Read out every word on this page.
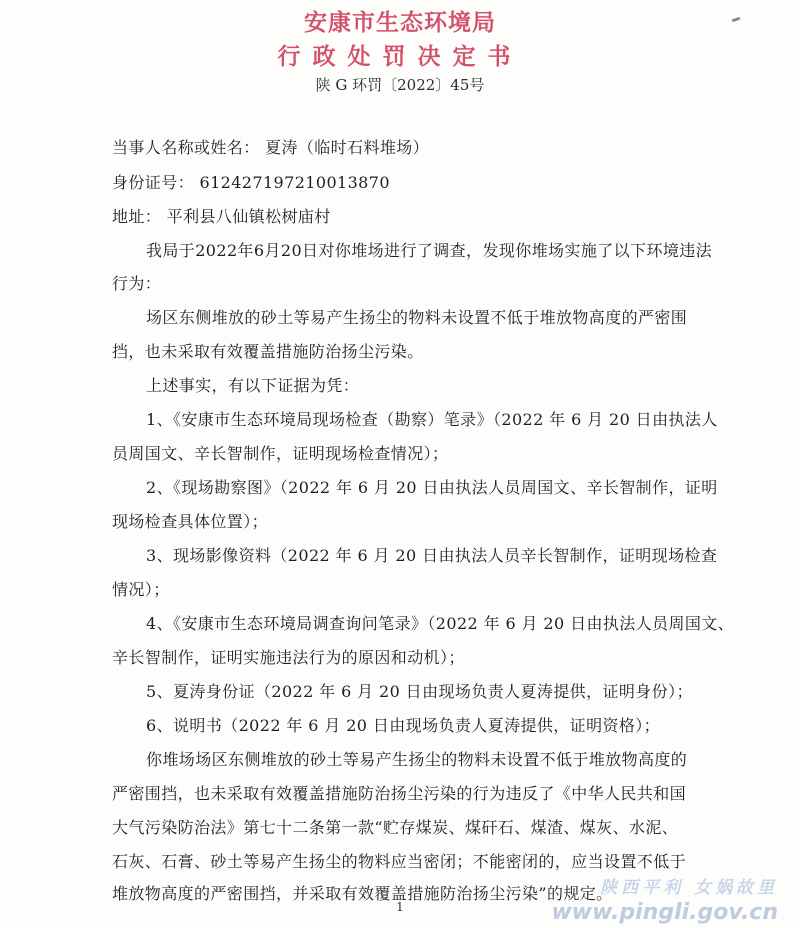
安康市生态环境局
行政处罚决定书
陕 G 环罚〔2022〕45号
当事人名称或姓名： 夏涛（临时石料堆场）
身份证号： 612427197210013870
地址： 平利县八仙镇松树庙村
我局于2022年6月20日对你堆场进行了调查，发现你堆场实施了以下环境违法
行为：
场区东侧堆放的砂土等易产生扬尘的物料未设置不低于堆放物高度的严密围
挡，也未采取有效覆盖措施防治扬尘污染。
上述事实，有以下证据为凭：
1、《安康市生态环境局现场检查（勘察）笔录》（2022 年 6 月 20 日由执法人
员周国文、辛长智制作，证明现场检查情况）；
2、《现场勘察图》（2022 年 6 月 20 日由执法人员周国文、辛长智制作，证明
现场检查具体位置）；
3、现场影像资料（2022 年 6 月 20 日由执法人员辛长智制作，证明现场检查
情况）；
4、《安康市生态环境局调查询问笔录》（2022 年 6 月 20 日由执法人员周国文、
辛长智制作，证明实施违法行为的原因和动机）；
5、夏涛身份证（2022 年 6 月 20 日由现场负责人夏涛提供，证明身份）；
6、说明书（2022 年 6 月 20 日由现场负责人夏涛提供，证明资格）；
你堆场场区东侧堆放的砂土等易产生扬尘的物料未设置不低于堆放物高度的
严密围挡，也未采取有效覆盖措施防治扬尘污染的行为违反了《中华人民共和国
大气污染防治法》第七十二条第一款“贮存煤炭、煤矸石、煤渣、煤灰、水泥、
石灰、石膏、砂土等易产生扬尘的物料应当密闭；不能密闭的，应当设置不低于
堆放物高度的严密围挡，并采取有效覆盖措施防治扬尘污染”的规定。
1
陕西平利 女娲故里
www.pingli.gov.cn
